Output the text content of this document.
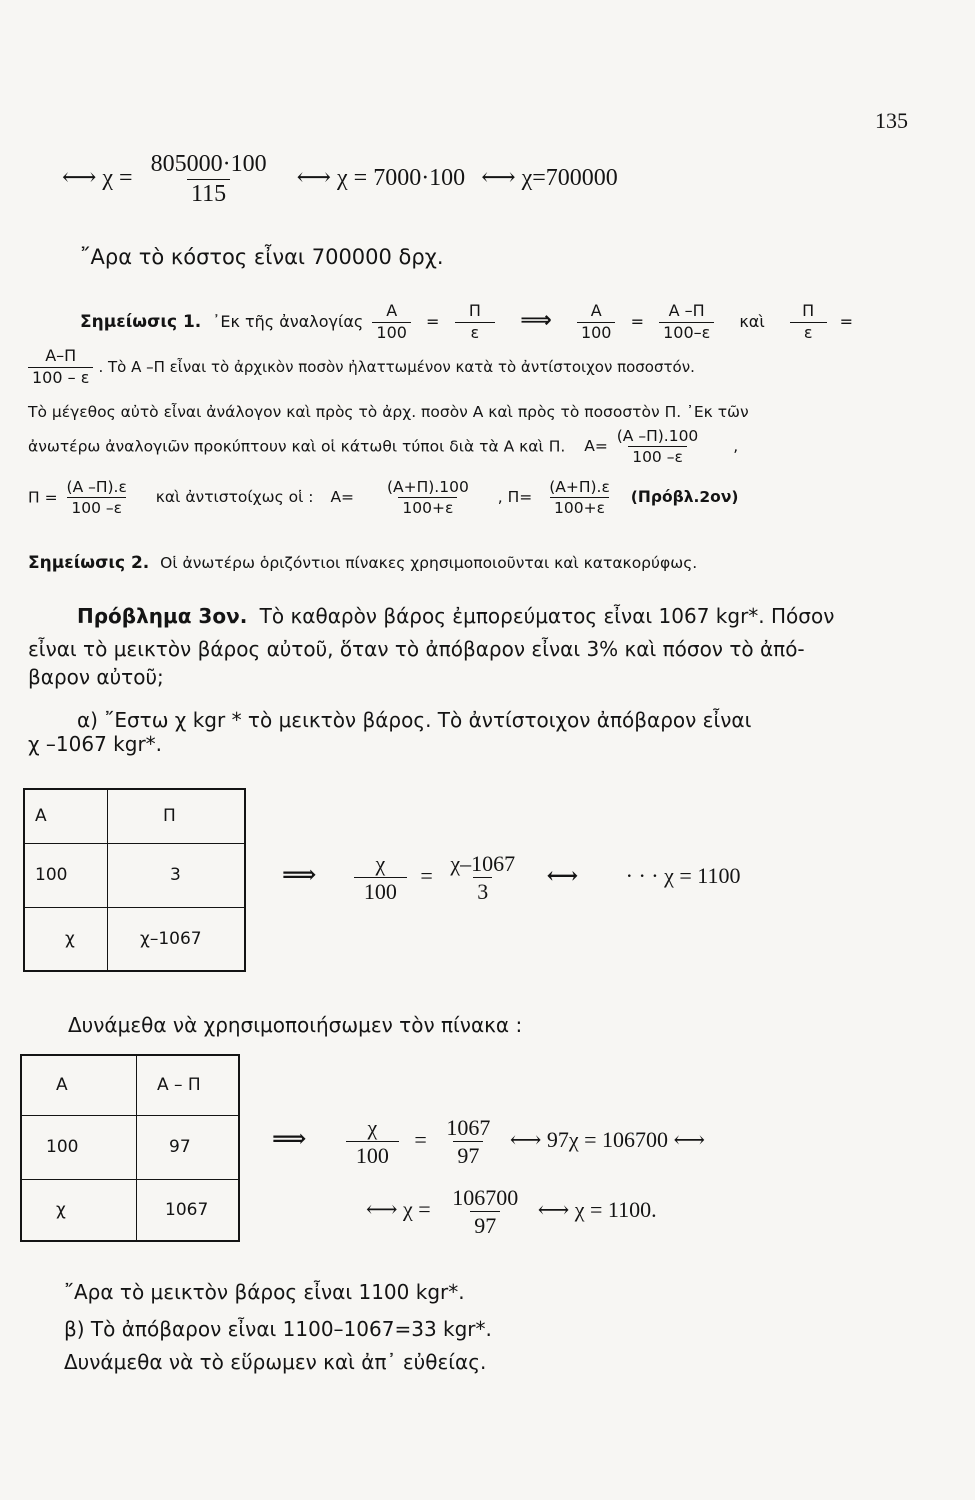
135
⟷ $\chi = \frac{805000\cdot 100}{115}$ ⟷ χ = 7000·100 ⟷ χ=700000
῎Αρα τὸ κόστος εἶναι 700000 δρχ.
Σημείωσις 1. ᾿Εκ τῆς ἀναλογίας $\frac{A}{100} = \frac{\Pi}{\varepsilon}$ ⟹ $\frac{A}{100} = \frac{A -\Pi}{100-\varepsilon}$ καὶ $\frac{\Pi}{\varepsilon}$ =
$\frac{A-\Pi}{100 - \varepsilon}$ . Τὸ Α –Π εἶναι τὸ ἀρχικὸν ποσὸν ἠλαττωμένον κατὰ τὸ ἀντίστοιχον ποσοστόν.
Τὸ μέγεθος αὐτὸ εἶναι ἀνάλογον καὶ πρὸς τὸ ἀρχ. ποσὸν Α καὶ πρὸς τὸ ποσοστὸν Π. ᾿Εκ τῶν
ἀνωτέρω ἀναλογιῶν προκύπτουν καὶ οἱ κάτωθι τύποι διὰ τὰ Α καὶ Π. $A= \frac{(A -\Pi).100}{100 -\varepsilon}$ ,
$\Pi = \frac{(A -\Pi).\varepsilon}{100 -\varepsilon}$ καὶ ἀντιστοίχως οἱ : $A= \frac{(A+\Pi).100}{100+\varepsilon}$ , $\Pi= \frac{(A+\Pi).\varepsilon}{100+\varepsilon} (\Pi\rho ό\beta\lambda.2o\nu)$
Σημείωσις 2. Οἱ ἀνωτέρω ὁριζόντιοι πίνακες χρησιμοποιοῦνται καὶ κατακορύφως.
Πρόβλημα 3ον. Τὸ καθαρὸν βάρος ἐμπορεύματος εἶναι 1067 kgr*. Πόσον
εἶναι τὸ μεικτὸν βάρος αὐτοῦ, ὅταν τὸ ἀπόβαρον εἶναι 3% καὶ πόσον τὸ ἀπό-
βαρον αὐτοῦ;
α) ῎Εστω χ kgr * τὸ μεικτὸν βάρος. Τὸ ἀντίστοιχον ἀπόβαρον εἶναι
χ –1067 kgr*.
Α	Π
100	3
χ	χ–1067
⟹ $\frac{\chi}{100} = \frac{\chi-1067}{3}$ ⟷ · · · χ = 1100
Δυνάμεθα νὰ χρησιμοποιήσωμεν τὸν πίνακα :
Α	Α – Π
100	97
χ	1067
⟹ $\frac{\chi}{100} = \frac{1067}{97}$ ⟷ 97χ = 106700 ⟷
⟷ $\chi = \frac{106700}{97}$ ⟷ χ = 1100.
῎Αρα τὸ μεικτὸν βάρος εἶναι 1100 kgr*.
β) Τὸ ἀπόβαρον εἶναι 1100–1067=33 kgr*.
Δυνάμεθα νὰ τὸ εὕρωμεν καὶ ἀπ᾿ εὐθείας.
